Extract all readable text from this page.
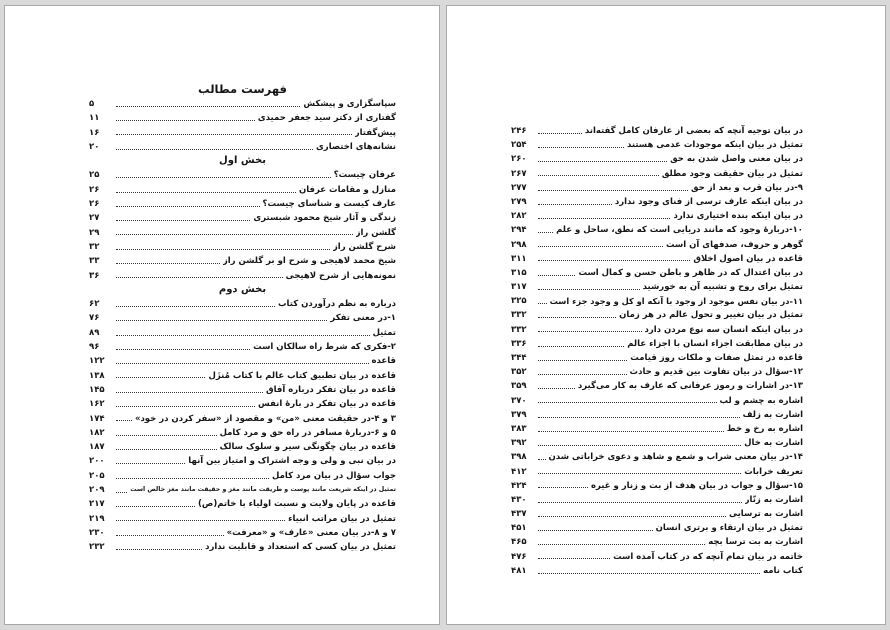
فهرست مطالب
سپاسگزاری و پیشکش
۵
گفتاری از دکتر سید جعفر حمیدی
۱۱
پیش‌گفتار
۱۶
نشانه‌های اختصاری
۲۰
بخش اول
عرفان چیست؟
۲۵
منازل و مقامات عرفان
۲۶
عارف کیست و شناسای چیست؟
۲۶
زندگی و آثار شیخ محمود شبستری
۲۷
گلشن راز
۲۹
شرح گلشن راز
۳۲
شیخ محمد لاهیجی و شرح او بر گلشن راز
۳۳
نمونه‌هایی از شرح لاهیجی
۳۶
بخش دوم
درباره به نظم درآوردن کتاب
۶۲
۱-در معنی تفکر
۷۶
تمثیل
۸۹
۲-فکری که شرط راه سالکان است
۹۶
قاعده
۱۲۲
قاعده در بیان تطبیق کتاب عالم با کتاب مُنزَل
۱۳۸
قاعده در بیان تفکر درباره آفاق
۱۴۵
قاعده در بیان تفکر در بارهٔ انفس
۱۶۲
۳ و ۴-در حقیقت معنی «من» و مقصود از «سفر کردن در خود»
۱۷۴
۵ و ۶-دربارهٔ مسافر در راه حق و مرد کامل
۱۸۲
قاعده در بیان چگونگی سیر و سلوک سالک
۱۸۷
در بیان نبی و ولی و وجه اشتراک و امتیاز بین آنها
۲۰۰
جواب سؤال در بیان مرد کامل
۲۰۵
تمثیل در اینکه شریعت مانند پوست و طریقت مانند مغز و حقیقت مانند مغز خالص است
۲۰۹
قاعده در پایان ولایت و نسبت اولیاء با خاتم(ص)
۲۱۷
تمثیل در بیان مراتب انبیاء
۲۱۹
۷ و ۸-در بیان معنی «عارف» و «معرفت»
۲۳۰
تمثیل در بیان کسی که استعداد و قابلیت ندارد
۲۳۲
در بیان توجیه آنچه که بعضی از عارفان کامل گفته‌اند
۲۴۶
تمثیل در بیان اینکه موجودات عدمی هستند
۲۵۴
در بیان معنی واصل شدن به حق
۲۶۰
تمثیل در بیان حقیقت وجود مطلق
۲۶۷
۹-در بیان قرب و بعد از حق
۲۷۷
در بیان اینکه عارف ترسی از فنای وجود ندارد
۲۷۹
در بیان اینکه بنده اختیاری ندارد
۲۸۲
۱۰-دربارهٔ وجود که مانند دریایی است که نطق، ساحل و علم
۲۹۴
گوهر و حروف، صدفهای آن است
۲۹۸
قاعده در بیان اصول اخلاق
۳۱۱
در بیان اعتدال که در ظاهر و باطن حسن و کمال است
۳۱۵
تمثیل برای روح و تشبیه آن به خورشید
۳۱۷
۱۱-در بیان نفس موجود از وجود با آنکه او کل و وجود جزء است
۳۲۵
تمثیل در بیان تغییر و تحول عالم در هر زمان
۳۳۲
در بیان اینکه انسان سه نوع مردن دارد
۳۳۲
در بیان مطابقت اجزاء انسان با اجزاء عالم
۳۳۶
قاعده در تمثل صفات و ملکات روز قیامت
۳۴۴
۱۲-سؤال در بیان تفاوت بین قدیم و حادث
۳۵۲
۱۳-در اشارات و رموز عرفانی که عارف به کار می‌گیرد
۳۵۹
اشاره به چشم و لب
۳۷۰
اشارت به زلف
۳۷۹
اشاره به رخ و خط
۳۸۳
اشارت به خال
۳۹۲
۱۴-در بیان معنی شراب و شمع و شاهد و دعوی خراباتی شدن
۳۹۸
تعریف خرابات
۴۱۲
۱۵-سؤال و جواب در بیان هدف از بت و زنار و غیره
۴۲۴
اشارت به زنّار
۴۳۰
اشارت به ترسایی
۴۳۷
تمثیل در بیان ارتقاء و برتری انسان
۴۵۱
اشارت به بت ترسا بچه
۴۶۵
خاتمه در بیان تمام آنچه که در کتاب آمده است
۴۷۶
کتاب نامه
۴۸۱
